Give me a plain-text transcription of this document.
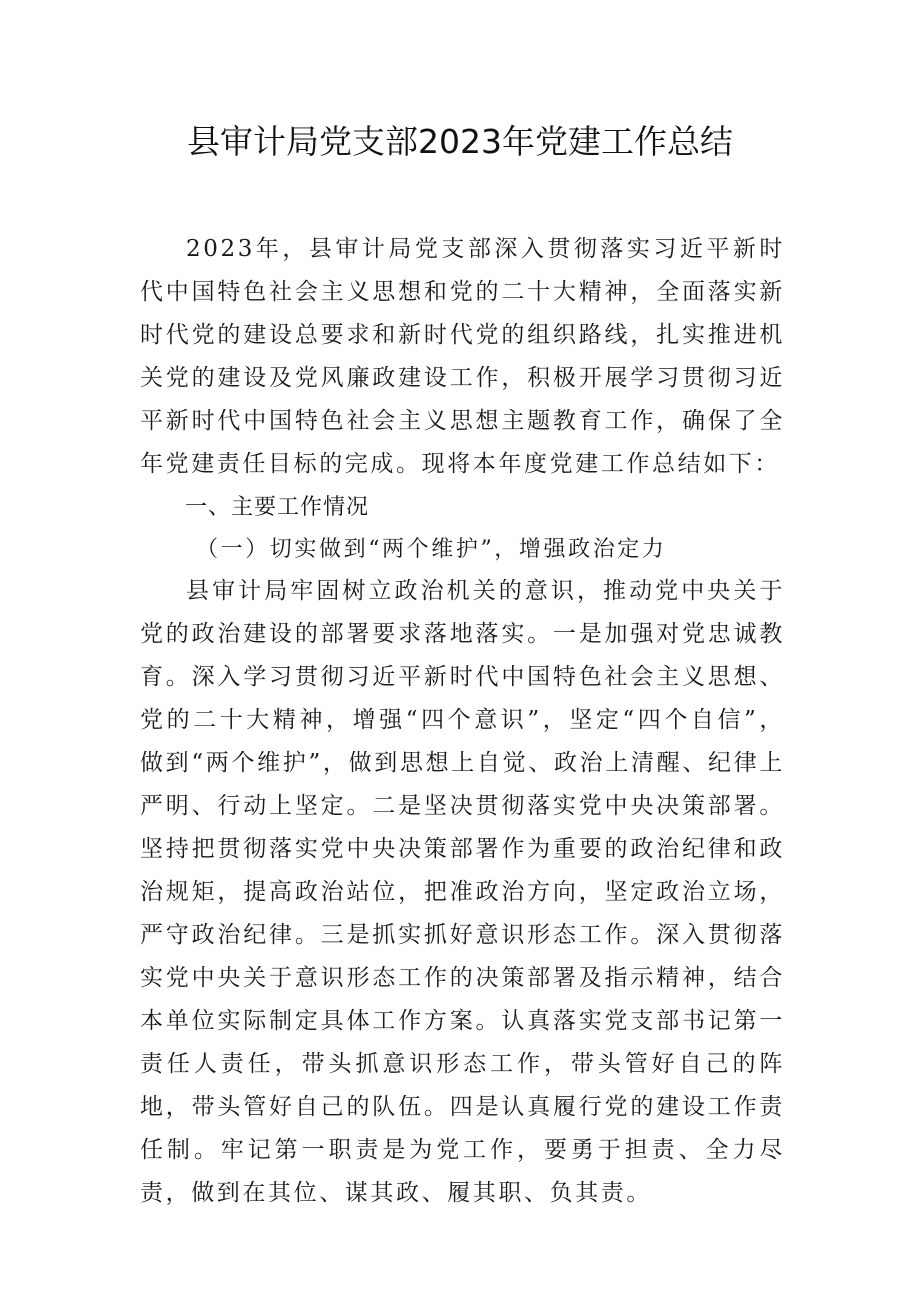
县审计局党支部2023年党建工作总结
2023年，县审计局党支部深入贯彻落实习近平新时代中国特色社会主义思想和党的二十大精神，全面落实新时代党的建设总要求和新时代党的组织路线，扎实推进机关党的建设及党风廉政建设工作，积极开展学习贯彻习近平新时代中国特色社会主义思想主题教育工作，确保了全年党建责任目标的完成。现将本年度党建工作总结如下：
一、主要工作情况
（一）切实做到“两个维护”，增强政治定力
县审计局牢固树立政治机关的意识，推动党中央关于党的政治建设的部署要求落地落实。一是加强对党忠诚教育。深入学习贯彻习近平新时代中国特色社会主义思想、党的二十大精神，增强“四个意识”，坚定“四个自信”，做到“两个维护”，做到思想上自觉、政治上清醒、纪律上严明、行动上坚定。二是坚决贯彻落实党中央决策部署。坚持把贯彻落实党中央决策部署作为重要的政治纪律和政治规矩，提高政治站位，把准政治方向，坚定政治立场，严守政治纪律。三是抓实抓好意识形态工作。深入贯彻落实党中央关于意识形态工作的决策部署及指示精神，结合本单位实际制定具体工作方案。认真落实党支部书记第一责任人责任，带头抓意识形态工作，带头管好自己的阵地，带头管好自己的队伍。四是认真履行党的建设工作责任制。牢记第一职责是为党工作，要勇于担责、全力尽责，做到在其位、谋其政、履其职、负其责。
